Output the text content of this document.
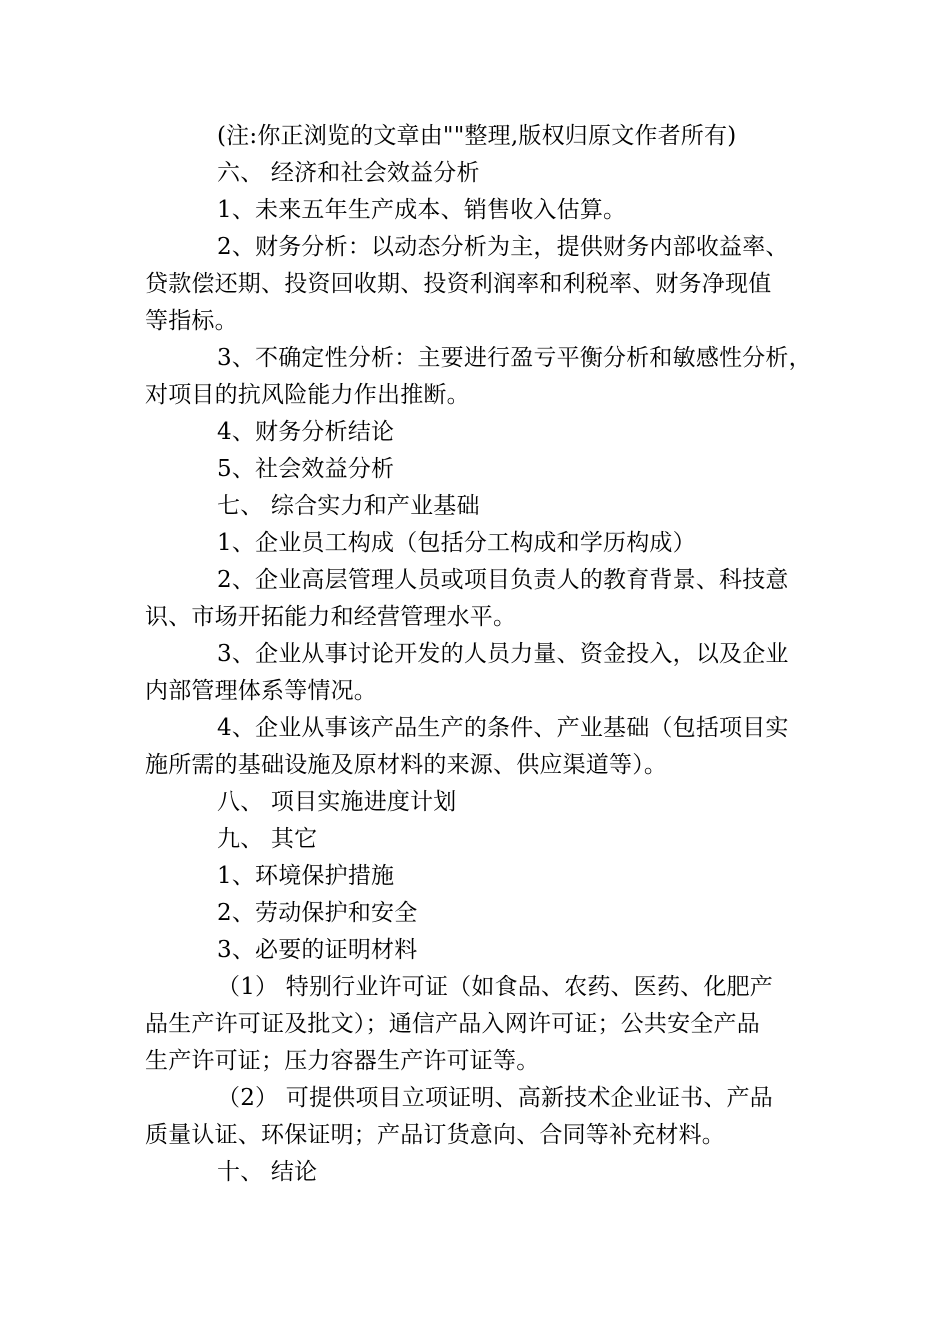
(注:你正浏览的文章由""整理,版权归原文作者所有)
六、 经济和社会效益分析
1、未来五年生产成本、销售收入估算。
2、财务分析：以动态分析为主，提供财务内部收益率、
贷款偿还期、投资回收期、投资利润率和利税率、财务净现值
等指标。
3、不确定性分析：主要进行盈亏平衡分析和敏感性分析，
对项目的抗风险能力作出推断。
4、财务分析结论
5、社会效益分析
七、 综合实力和产业基础
1、企业员工构成（包括分工构成和学历构成）
2、企业高层管理人员或项目负责人的教育背景、科技意
识、市场开拓能力和经营管理水平。
3、企业从事讨论开发的人员力量、资金投入，以及企业
内部管理体系等情况。
4、企业从事该产品生产的条件、产业基础（包括项目实
施所需的基础设施及原材料的来源、供应渠道等）。
八、 项目实施进度计划
九、 其它
1、环境保护措施
2、劳动保护和安全
3、必要的证明材料
（1） 特别行业许可证（如食品、农药、医药、化肥产
品生产许可证及批文）；通信产品入网许可证；公共安全产品
生产许可证；压力容器生产许可证等。
（2） 可提供项目立项证明、高新技术企业证书、产品
质量认证、环保证明；产品订货意向、合同等补充材料。
十、 结论
